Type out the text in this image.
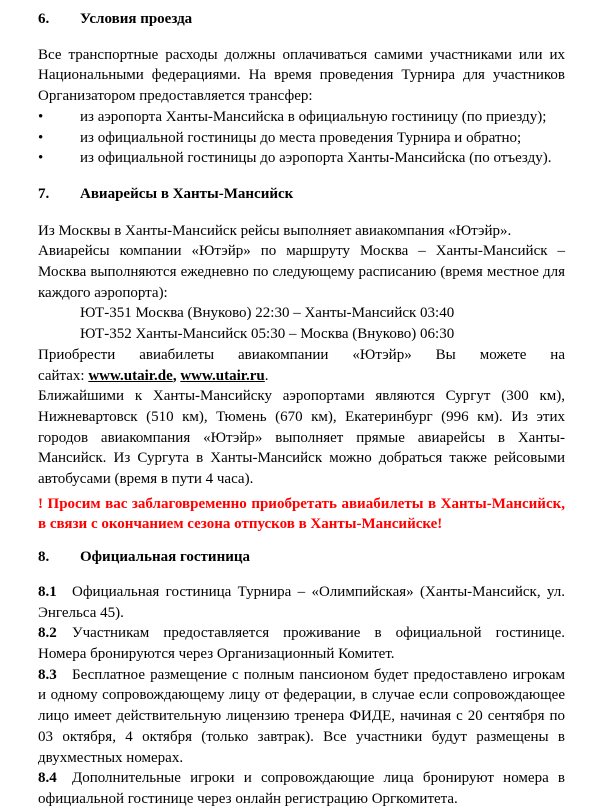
6. Условия проезда

Все транспортные расходы должны оплачиваться самими участниками или их Национальными федерациями. На время проведения Турнира для участников Организатором предоставляется трансфер:

•	из аэропорта Ханты-Мансийска в официальную гостиницу (по приезду);
•	из официальной гостиницы до места проведения Турнира и обратно;
•	из официальной гостиницы до аэропорта Ханты-Мансийска (по отъезду).
7. Авиарейсы в Ханты-Мансийск

Из Москвы в Ханты-Мансийск рейсы выполняет авиакомпания «Ютэйр».

Авиарейсы компании «Ютэйр» по маршруту Москва – Ханты-Мансийск – Москва выполняются ежедневно по следующему расписанию (время местное для каждого аэропорта):

ЮТ-351 Москва (Внуково) 22:30 – Ханты-Мансийск 03:40
ЮТ-352 Ханты-Мансийск 05:30 – Москва (Внуково) 06:30

Приобрести авиабилеты авиакомпании «Ютэйр» Вы можете на сайтах: www.utair.de, www.utair.ru.

Ближайшими к Ханты-Мансийску аэропортами являются Сургут (300 км), Нижневартовск (510 км), Тюмень (670 км), Екатеринбург (996 км). Из этих городов авиакомпания «Ютэйр» выполняет прямые авиарейсы в Ханты-Мансийск. Из Сургута в Ханты-Мансийск можно добраться также рейсовыми автобусами (время в пути 4 часа).

! Просим вас заблаговременно приобретать авиабилеты в Ханты-Мансийск, в связи с окончанием сезона отпусков в Ханты-Мансийске!

8. Официальная гостиница

8.1 Официальная гостиница Турнира – «Олимпийская» (Ханты-Мансийск, ул. Энгельса 45).

8.2 Участникам предоставляется проживание в официальной гостинице. Номера бронируются через Организационный Комитет.

8.3 Бесплатное размещение с полным пансионом будет предоставлено игрокам и одному сопровождающему лицу от федерации, в случае если сопровождающее лицо имеет действительную лицензию тренера ФИДЕ, начиная с 20 сентября по 03 октября, 4 октября (только завтрак). Все участники будут размещены в двухместных номерах.

8.4 Дополнительные игроки и сопровождающие лица бронируют номера в официальной гостинице через онлайн регистрацию Оргкомитета.
